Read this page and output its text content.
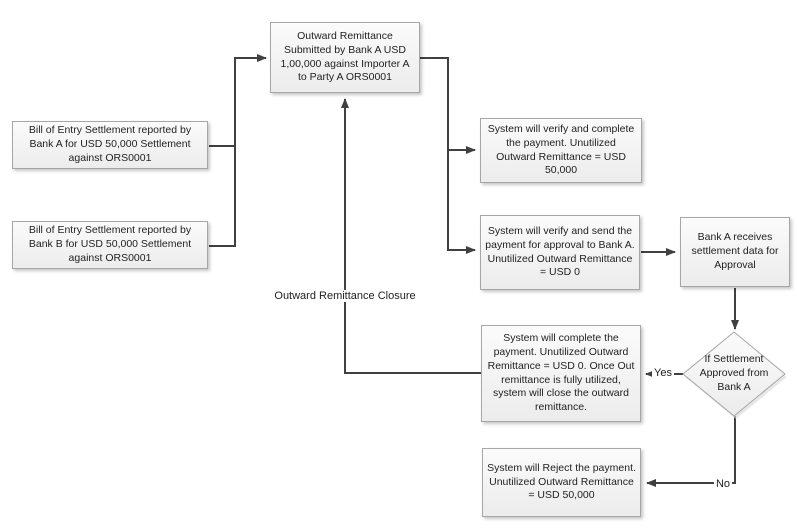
Outward Remittance Submitted by Bank A USD 1,00,000 against Importer A to Party A ORS0001
Bill of Entry Settlement reported by Bank A for USD 50,000 Settlement against ORS0001
Bill of Entry Settlement reported by Bank B for USD 50,000 Settlement against ORS0001
System will verify and complete the payment. Unutilized Outward Remittance = USD 50,000
System will verify and send the payment for approval to Bank A. Unutilized Outward Remittance = USD 0
Bank A receives settlement data for Approval
If Settlement Approved from Bank A
System will complete the payment. Unutilized Outward Remittance = USD 0. Once Out remittance is fully utilized, system will close the outward remittance.
System will Reject the payment. Unutilized Outward Remittance = USD 50,000
Outward Remittance Closure
Yes
No
